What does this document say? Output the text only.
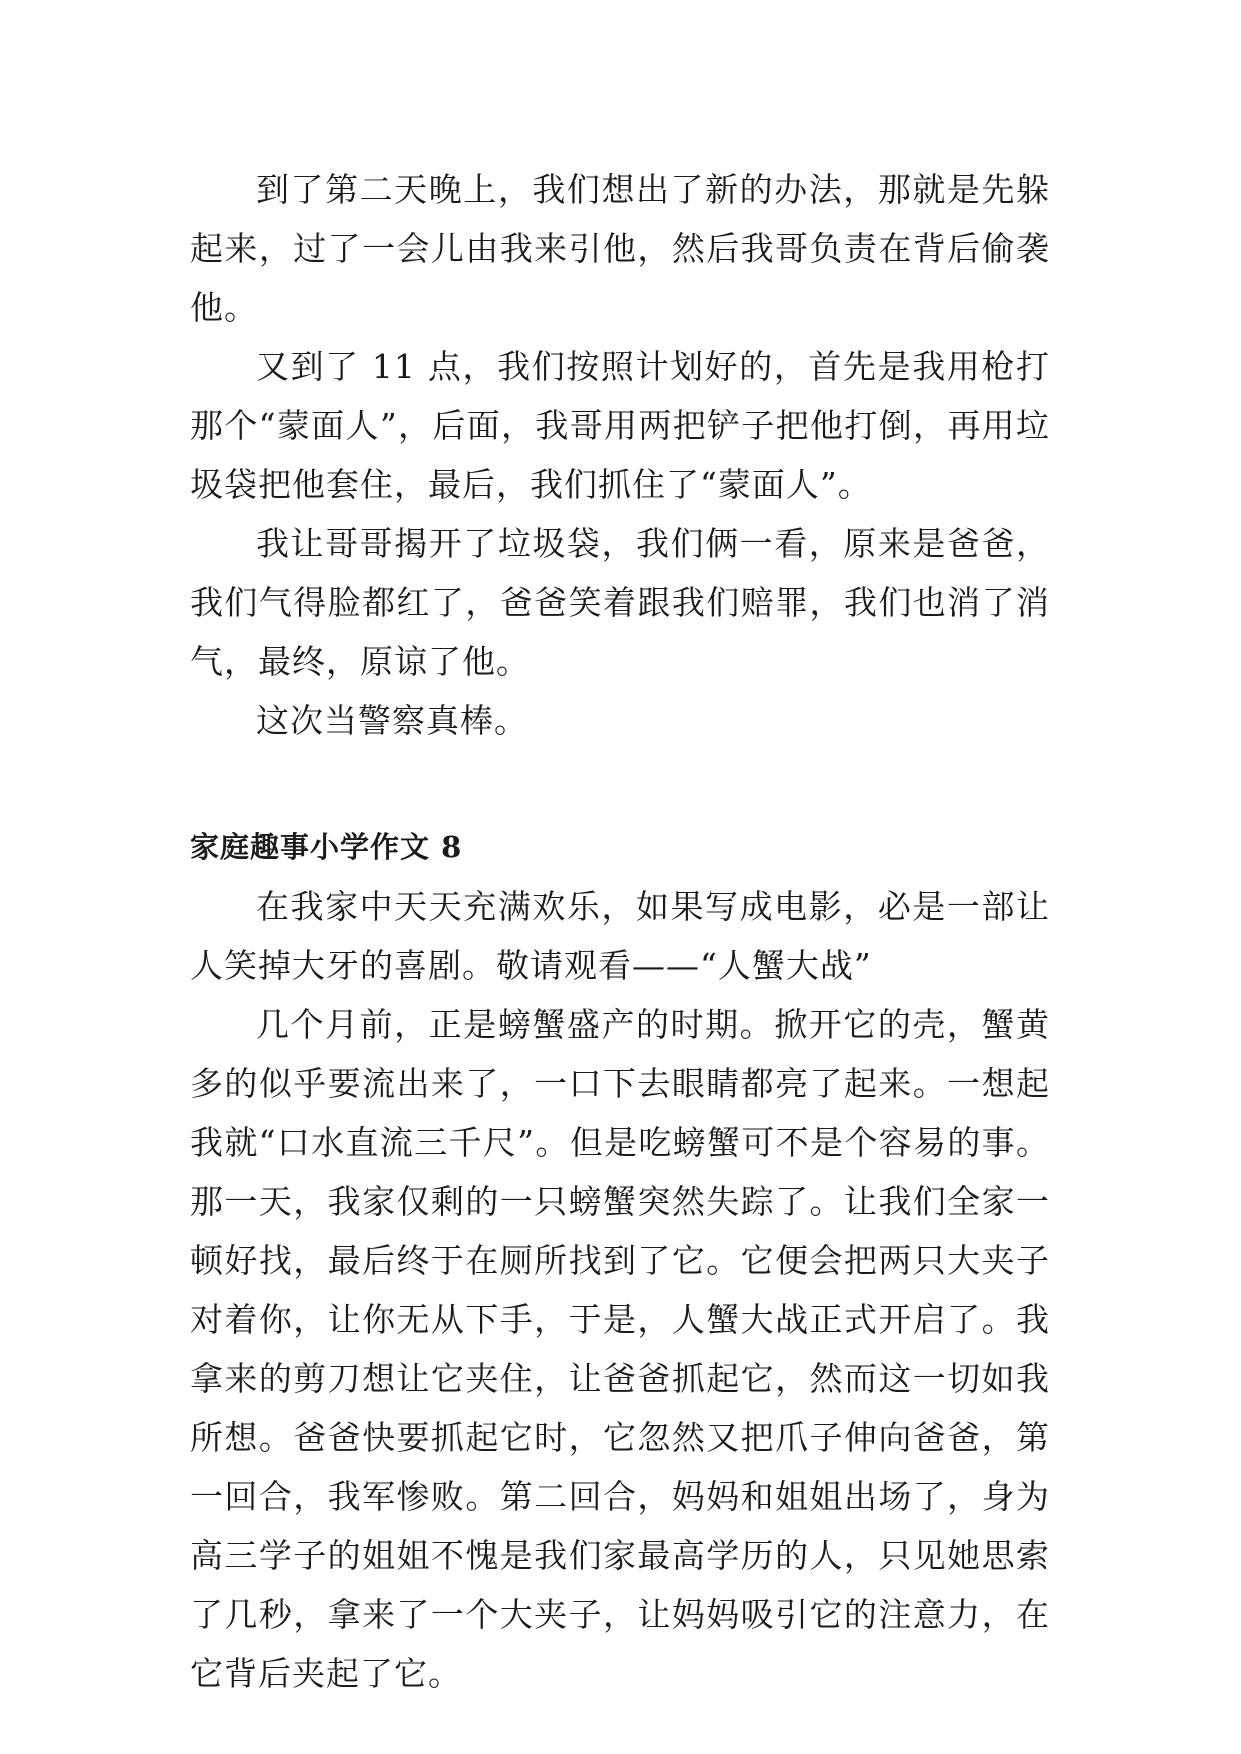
到了第二天晚上，我们想出了新的办法，那就是先躲起来，过了一会儿由我来引他，然后我哥负责在背后偷袭他。

又到了 11 点，我们按照计划好的，首先是我用枪打那个“蒙面人”，后面，我哥用两把铲子把他打倒，再用垃圾袋把他套住，最后，我们抓住了“蒙面人”。

我让哥哥揭开了垃圾袋，我们俩一看，原来是爸爸，我们气得脸都红了，爸爸笑着跟我们赔罪，我们也消了消气，最终，原谅了他。

这次当警察真棒。

家庭趣事小学作文 8

在我家中天天充满欢乐，如果写成电影，必是一部让人笑掉大牙的喜剧。敬请观看——“人蟹大战”

几个月前，正是螃蟹盛产的时期。掀开它的壳，蟹黄多的似乎要流出来了，一口下去眼睛都亮了起来。一想起我就“口水直流三千尺”。但是吃螃蟹可不是个容易的事。那一天，我家仅剩的一只螃蟹突然失踪了。让我们全家一顿好找，最后终于在厕所找到了它。它便会把两只大夹子对着你，让你无从下手，于是，人蟹大战正式开启了。我拿来的剪刀想让它夹住，让爸爸抓起它，然而这一切如我所想。爸爸快要抓起它时，它忽然又把爪子伸向爸爸，第一回合，我军惨败。第二回合，妈妈和姐姐出场了，身为高三学子的姐姐不愧是我们家最高学历的人，只见她思索了几秒，拿来了一个大夹子，让妈妈吸引它的注意力，在它背后夹起了它。
